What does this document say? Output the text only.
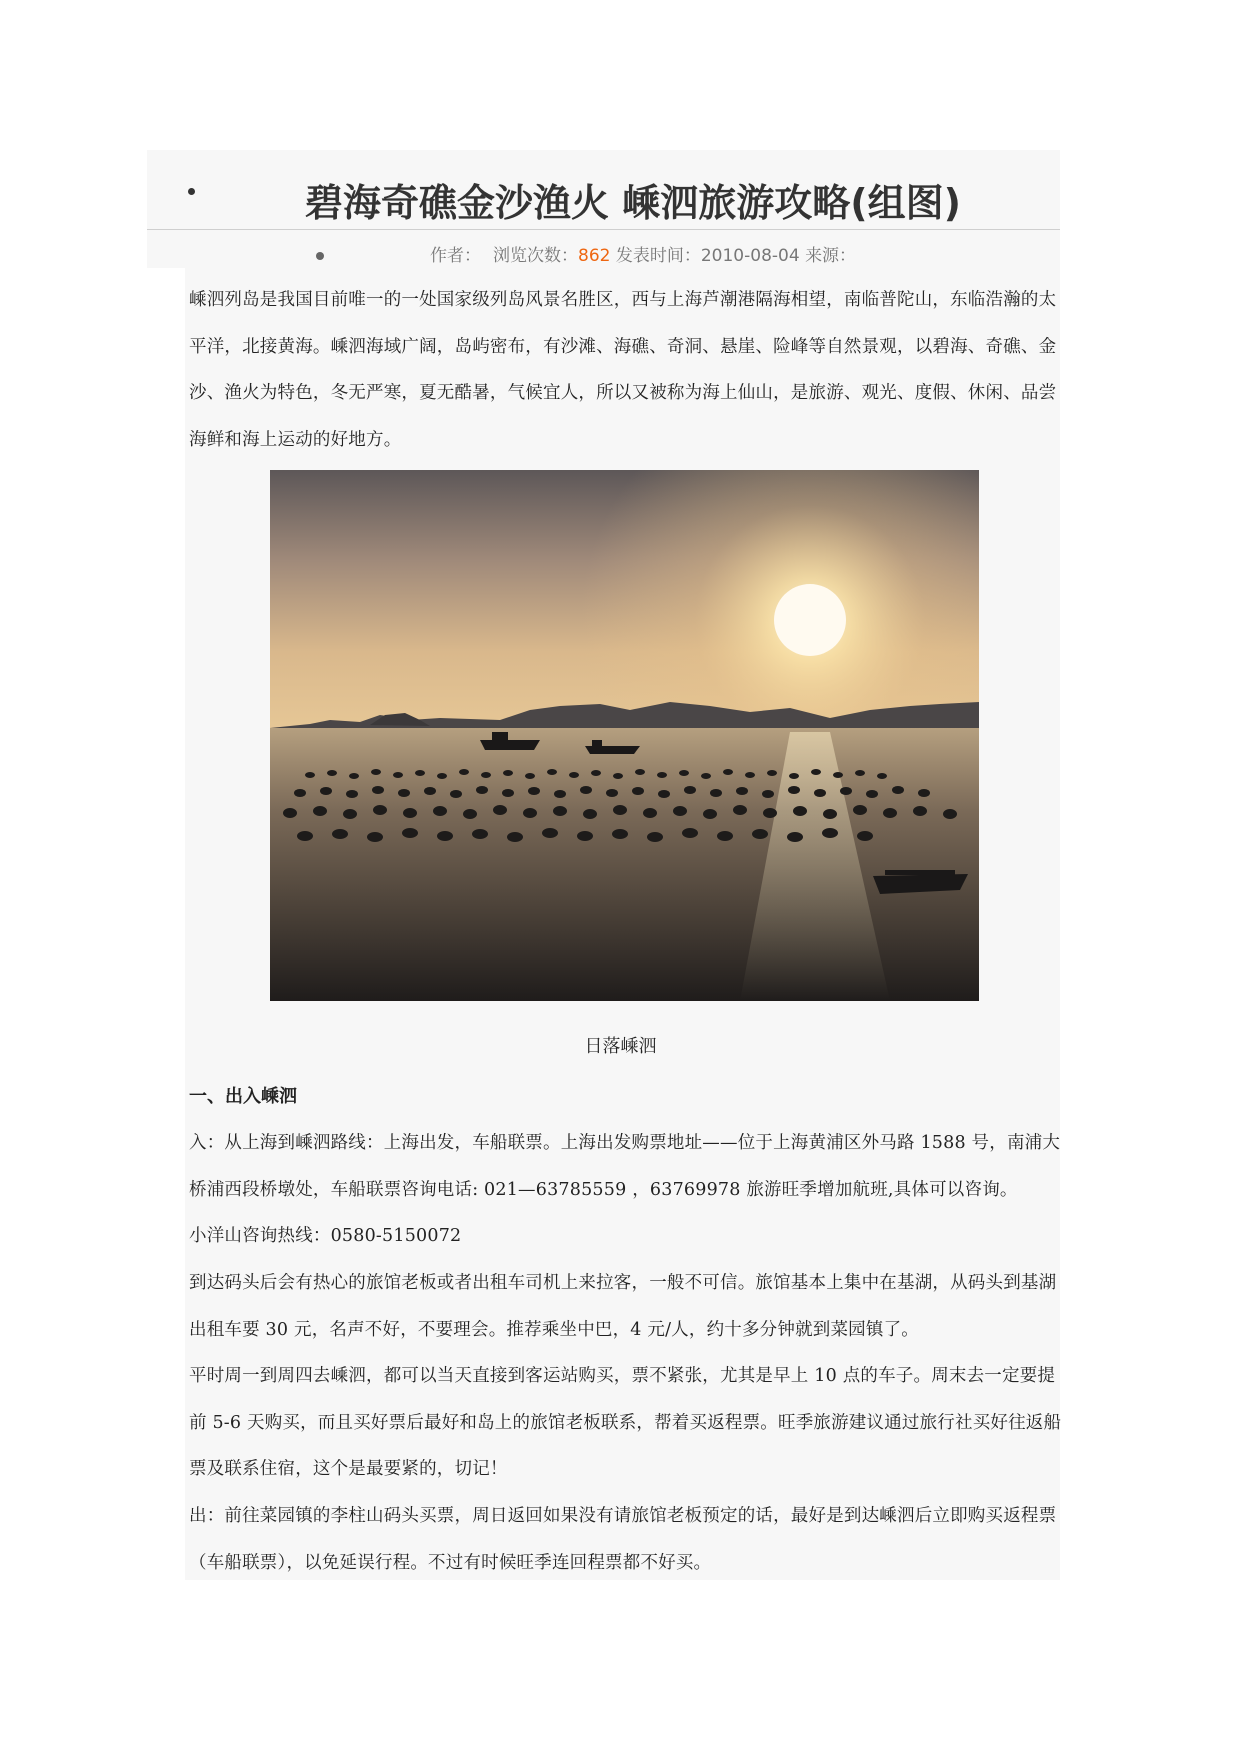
碧海奇礁金沙渔火 嵊泗旅游攻略(组图)
作者： 浏览次数：862 发表时间：2010-08-04 来源：

嵊泗列岛是我国目前唯一的一处国家级列岛风景名胜区，西与上海芦潮港隔海相望，南临普陀山，东临浩瀚的太平洋，北接黄海。嵊泗海域广阔，岛屿密布，有沙滩、海礁、奇洞、悬崖、险峰等自然景观，以碧海、奇礁、金沙、渔火为特色，冬无严寒，夏无酷暑，气候宜人，所以又被称为海上仙山，是旅游、观光、度假、休闲、品尝海鲜和海上运动的好地方。

日落嵊泗
一、出入嵊泗

入：从上海到嵊泗路线：上海出发，车船联票。上海出发购票地址——位于上海黄浦区外马路 1588 号，南浦大桥浦西段桥墩处，车船联票咨询电话: 021—63785559 ，63769978 旅游旺季增加航班,具体可以咨询。

小洋山咨询热线：0580-5150072

到达码头后会有热心的旅馆老板或者出租车司机上来拉客，一般不可信。旅馆基本上集中在基湖，从码头到基湖出租车要 30 元，名声不好，不要理会。推荐乘坐中巴，4 元/人，约十多分钟就到菜园镇了。

平时周一到周四去嵊泗，都可以当天直接到客运站购买，票不紧张，尤其是早上 10 点的车子。周末去一定要提前 5-6 天购买，而且买好票后最好和岛上的旅馆老板联系，帮着买返程票。旺季旅游建议通过旅行社买好往返船票及联系住宿，这个是最要紧的，切记！

出：前往菜园镇的李柱山码头买票，周日返回如果没有请旅馆老板预定的话，最好是到达嵊泗后立即购买返程票（车船联票），以免延误行程。不过有时候旺季连回程票都不好买。
